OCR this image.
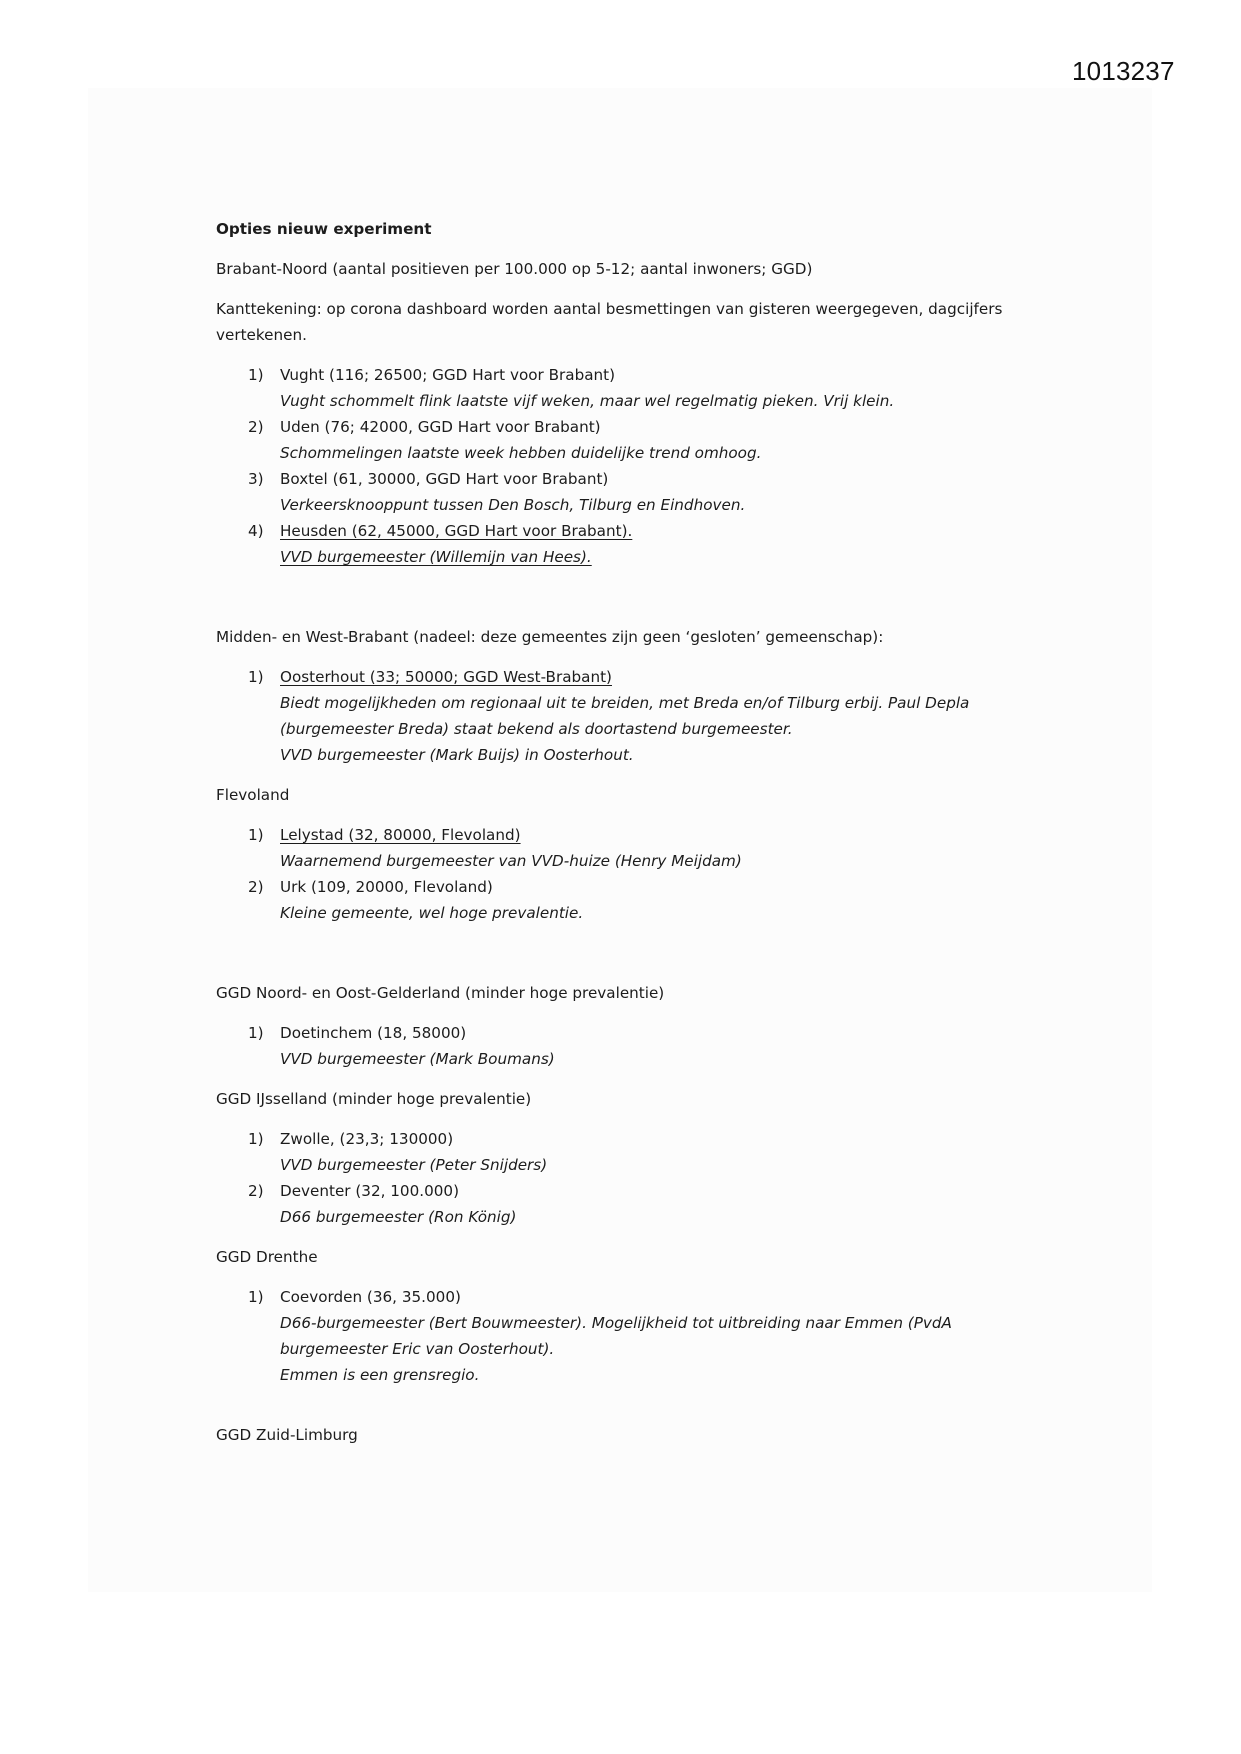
1013237

Opties nieuw experiment

Brabant-Noord (aantal positieven per 100.000 op 5-12; aantal inwoners; GGD)

Kanttekening: op corona dashboard worden aantal besmettingen van gisteren weergegeven, dagcijfers vertekenen.

1) Vught (116; 26500; GGD Hart voor Brabant)
Vught schommelt flink laatste vijf weken, maar wel regelmatig pieken. Vrij klein.
2) Uden (76; 42000, GGD Hart voor Brabant)
Schommelingen laatste week hebben duidelijke trend omhoog.
3) Boxtel (61, 30000, GGD Hart voor Brabant)
Verkeersknooppunt tussen Den Bosch, Tilburg en Eindhoven.
4) Heusden (62, 45000, GGD Hart voor Brabant).
VVD burgemeester (Willemijn van Hees).

Midden- en West-Brabant (nadeel: deze gemeentes zijn geen ‘gesloten’ gemeenschap):

1) Oosterhout (33; 50000; GGD West-Brabant)
Biedt mogelijkheden om regionaal uit te breiden, met Breda en/of Tilburg erbij. Paul Depla (burgemeester Breda) staat bekend als doortastend burgemeester.
VVD burgemeester (Mark Buijs) in Oosterhout.

Flevoland

1) Lelystad (32, 80000, Flevoland)
Waarnemend burgemeester van VVD-huize (Henry Meijdam)
2) Urk (109, 20000, Flevoland)
Kleine gemeente, wel hoge prevalentie.

GGD Noord- en Oost-Gelderland (minder hoge prevalentie)

1) Doetinchem (18, 58000)
VVD burgemeester (Mark Boumans)

GGD IJsselland (minder hoge prevalentie)

1) Zwolle, (23,3; 130000)
VVD burgemeester (Peter Snijders)
2) Deventer (32, 100.000)
D66 burgemeester (Ron König)

GGD Drenthe

1) Coevorden (36, 35.000)
D66-burgemeester (Bert Bouwmeester). Mogelijkheid tot uitbreiding naar Emmen (PvdA burgemeester Eric van Oosterhout).
Emmen is een grensregio.

GGD Zuid-Limburg
